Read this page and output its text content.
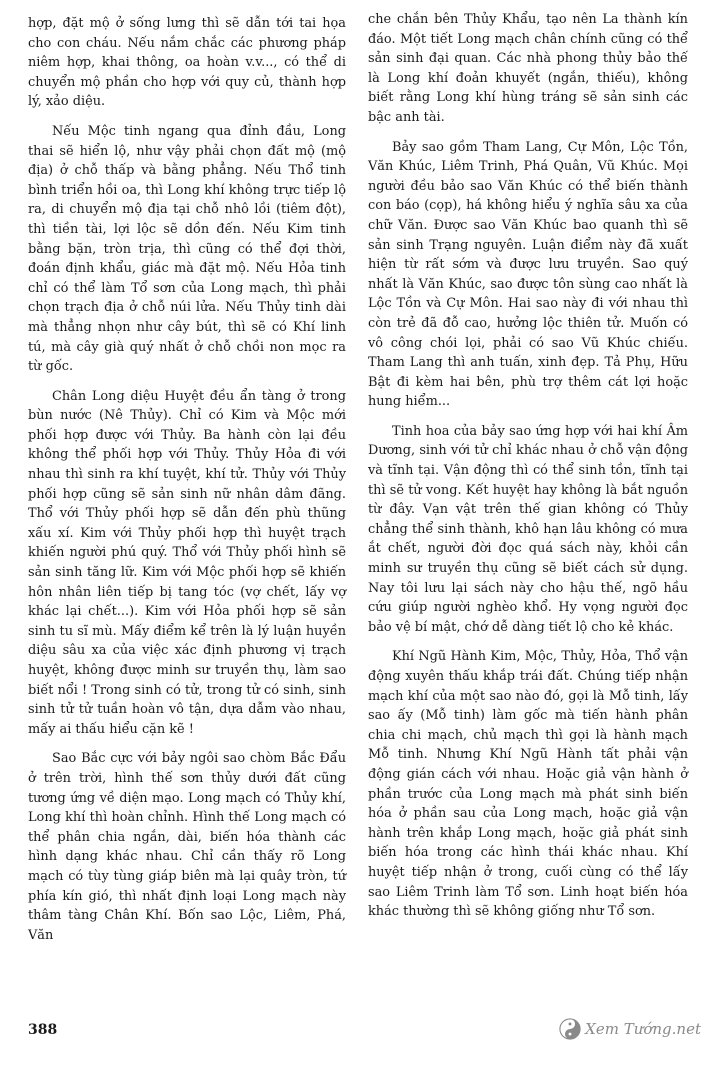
hợp, đặt mộ ở sống lưng thì sẽ dẫn tới tai họa cho con cháu. Nếu nắm chắc các phương pháp niêm hợp, khai thông, oa hoàn v.v..., có thể di chuyển mộ phần cho hợp với quy củ, thành hợp lý, xảo diệu.

Nếu Mộc tinh ngang qua đỉnh đầu, Long thai sẽ hiển lộ, như vậy phải chọn đất mộ (mộ địa) ở chỗ thấp và bằng phẳng. Nếu Thổ tinh bình triển hồi oa, thì Long khí không trực tiếp lộ ra, di chuyển mộ địa tại chỗ nhô lồi (tiêm đột), thì tiền tài, lợi lộc sẽ dồn đến. Nếu Kim tinh bằng bặn, tròn trịa, thì cũng có thể đợi thời, đoán định khẩu, giác mà đặt mộ. Nếu Hỏa tinh chỉ có thể làm Tổ sơn của Long mạch, thì phải chọn trạch địa ở chỗ núi lửa. Nếu Thủy tinh dài mà thẳng nhọn như cây bút, thì sẽ có Khí linh tú, mà cây già quý nhất ở chỗ chồi non mọc ra từ gốc.

Chân Long diệu Huyệt đều ẩn tàng ở trong bùn nước (Nê Thủy). Chỉ có Kim và Mộc mới phối hợp được với Thủy. Ba hành còn lại đều không thể phối hợp với Thủy. Thủy Hỏa đi với nhau thì sinh ra khí tuyệt, khí tử. Thủy với Thủy phối hợp cũng sẽ sản sinh nữ nhân dâm đãng. Thổ với Thủy phối hợp sẽ dẫn đến phù thũng xấu xí. Kim với Thủy phối hợp thì huyệt trạch khiến người phú quý. Thổ với Thủy phối hình sẽ sản sinh tăng lữ. Kim với Mộc phối hợp sẽ khiến hôn nhân liên tiếp bị tang tóc (vợ chết, lấy vợ khác lại chết...). Kim với Hỏa phối hợp sẽ sản sinh tu sĩ mù. Mấy điểm kể trên là lý luận huyền diệu sâu xa của việc xác định phương vị trạch huyệt, không được minh sư truyền thụ, làm sao biết nổi ! Trong sinh có tử, trong tử có sinh, sinh sinh tử tử tuần hoàn vô tận, dựa dẫm vào nhau, mấy ai thấu hiểu cặn kẽ !

Sao Bắc cực với bảy ngôi sao chòm Bắc Đẩu ở trên trời, hình thế sơn thủy dưới đất cũng tương ứng về diện mạo. Long mạch có Thủy khí, Long khí thì hoàn chỉnh. Hình thế Long mạch có thể phân chia ngắn, dài, biến hóa thành các hình dạng khác nhau. Chỉ cần thấy rõ Long mạch có tùy tùng giáp biên mà lại quây tròn, tứ phía kín gió, thì nhất định loại Long mạch này thâm tàng Chân Khí. Bốn sao Lộc, Liêm, Phá, Văn

che chắn bên Thủy Khẩu, tạo nên La thành kín đáo. Một tiết Long mạch chân chính cũng có thể sản sinh đại quan. Các nhà phong thủy bảo thế là Long khí đoản khuyết (ngắn, thiếu), không biết rằng Long khí hùng tráng sẽ sản sinh các bậc anh tài.

Bảy sao gồm Tham Lang, Cự Môn, Lộc Tồn, Văn Khúc, Liêm Trinh, Phá Quân, Vũ Khúc. Mọi người đều bảo sao Văn Khúc có thể biến thành con báo (cọp), há không hiểu ý nghĩa sâu xa của chữ Văn. Được sao Văn Khúc bao quanh thì sẽ sản sinh Trạng nguyên. Luận điểm này đã xuất hiện từ rất sớm và được lưu truyền. Sao quý nhất là Văn Khúc, sao được tôn sùng cao nhất là Lộc Tồn và Cự Môn. Hai sao này đi với nhau thì còn trẻ đã đỗ cao, hưởng lộc thiên tử. Muốn có vô công chói lọi, phải có sao Vũ Khúc chiếu. Tham Lang thì anh tuấn, xinh đẹp. Tả Phụ, Hữu Bật đi kèm hai bên, phù trợ thêm cát lợi hoặc hung hiểm...

Tinh hoa của bảy sao ứng hợp với hai khí Âm Dương, sinh với tử chỉ khác nhau ở chỗ vận động và tĩnh tại. Vận động thì có thể sinh tồn, tĩnh tại thì sẽ tử vong. Kết huyệt hay không là bắt nguồn từ đây. Vạn vật trên thế gian không có Thủy chẳng thể sinh thành, khô hạn lâu không có mưa ắt chết, người đời đọc quá sách này, khỏi cần minh sư truyền thụ cũng sẽ biết cách sử dụng. Nay tôi lưu lại sách này cho hậu thế, ngõ hầu cứu giúp người nghèo khổ. Hy vọng người đọc bảo vệ bí mật, chớ dễ dàng tiết lộ cho kẻ khác.

Khí Ngũ Hành Kim, Mộc, Thủy, Hỏa, Thổ vận động xuyên thấu khắp trái đất. Chúng tiếp nhận mạch khí của một sao nào đó, gọi là Mỗ tinh, lấy sao ấy (Mỗ tinh) làm gốc mà tiến hành phân chia chi mạch, chủ mạch thì gọi là hành mạch Mỗ tinh. Nhưng Khí Ngũ Hành tất phải vận động gián cách với nhau. Hoặc giả vận hành ở phần trước của Long mạch mà phát sinh biến hóa ở phần sau của Long mạch, hoặc giả vận hành trên khắp Long mạch, hoặc giả phát sinh biến hóa trong các hình thái khác nhau. Khí huyệt tiếp nhận ở trong, cuối cùng có thể lấy sao Liêm Trinh làm Tổ sơn. Linh hoạt biến hóa khác thường thì sẽ không giống như Tổ sơn.

388	Xem Tướng.net
